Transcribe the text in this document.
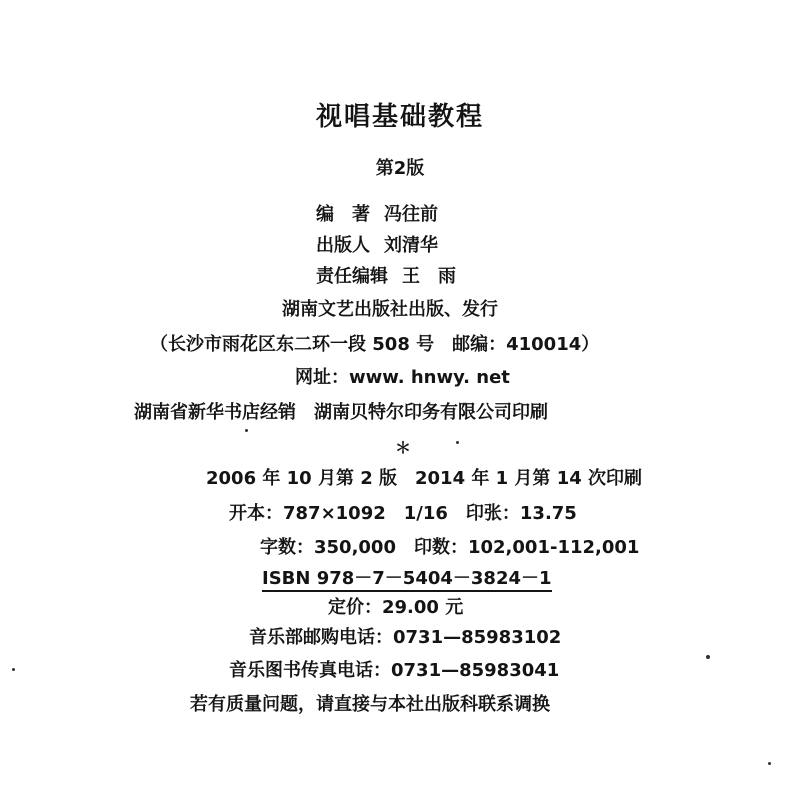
视唱基础教程
第2版
编　著 冯往前
出版人 刘清华
责任编辑 王　雨
湖南文艺出版社出版、发行
（长沙市雨花区东二环一段 508 号　邮编：410014）
网址：www. hnwy. net
湖南省新华书店经销　湖南贝特尔印务有限公司印刷
＊
2006 年 10 月第 2 版　2014 年 1 月第 14 次印刷
开本：787×1092　1/16　印张：13.75
字数：350,000　印数：102,001-112,001
ISBN 978－7－5404－3824－1
定价：29.00 元
音乐部邮购电话：0731—85983102
音乐图书传真电话：0731—85983041
若有质量问题，请直接与本社出版科联系调换
